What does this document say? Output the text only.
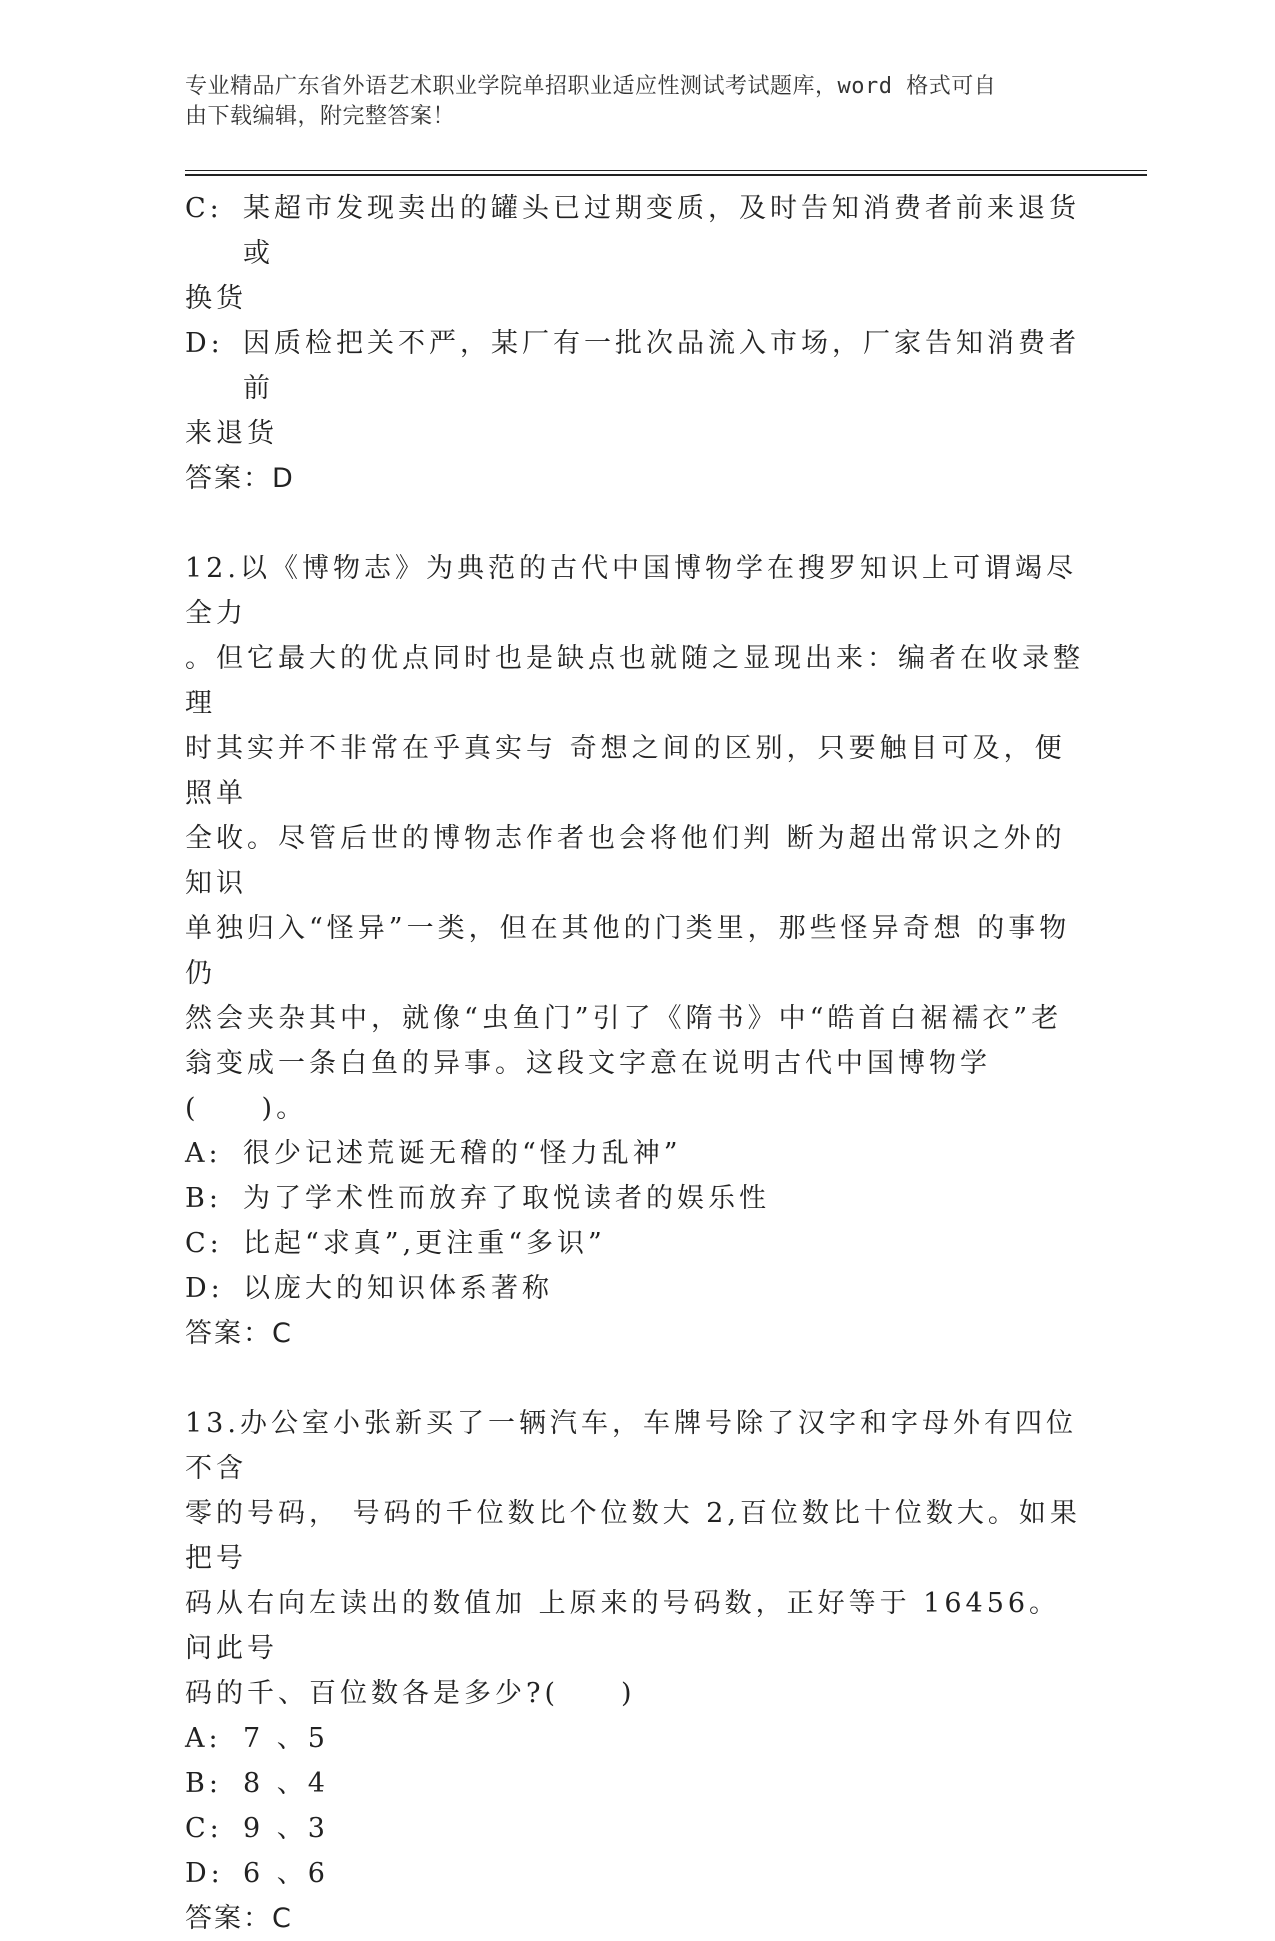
专业精品广东省外语艺术职业学院单招职业适应性测试考试题库，word 格式可自
由下载编辑，附完整答案！
C: 某超市发现卖出的罐头已过期变质，及时告知消费者前来退货或
换货
D: 因质检把关不严，某厂有一批次品流入市场，厂家告知消费者前
来退货
答案：D
12.以《博物志》为典范的古代中国博物学在搜罗知识上可谓竭尽全力
。但它最大的优点同时也是缺点也就随之显现出来：编者在收录整理
时其实并不非常在乎真实与 奇想之间的区别，只要触目可及，便照单
全收。尽管后世的博物志作者也会将他们判 断为超出常识之外的知识
单独归入“怪异”一类，但在其他的门类里，那些怪异奇想 的事物仍
然会夹杂其中，就像“虫鱼门”引了《隋书》中“皓首白裾襦衣”老
翁变成一条白鱼的异事。这段文字意在说明古代中国博物学(　　)。
A: 很少记述荒诞无稽的“怪力乱神”
B: 为了学术性而放弃了取悦读者的娱乐性
C: 比起“求真”,更注重“多识”
D: 以庞大的知识体系著称
答案：C
13.办公室小张新买了一辆汽车，车牌号除了汉字和字母外有四位不含
零的号码， 号码的千位数比个位数大 2,百位数比十位数大。如果把号
码从右向左读出的数值加 上原来的号码数，正好等于 16456。问此号
码的千、百位数各是多少?(　　)
A: 7 、5
B: 8 、4
C: 9 、3
D: 6 、6
答案：C
